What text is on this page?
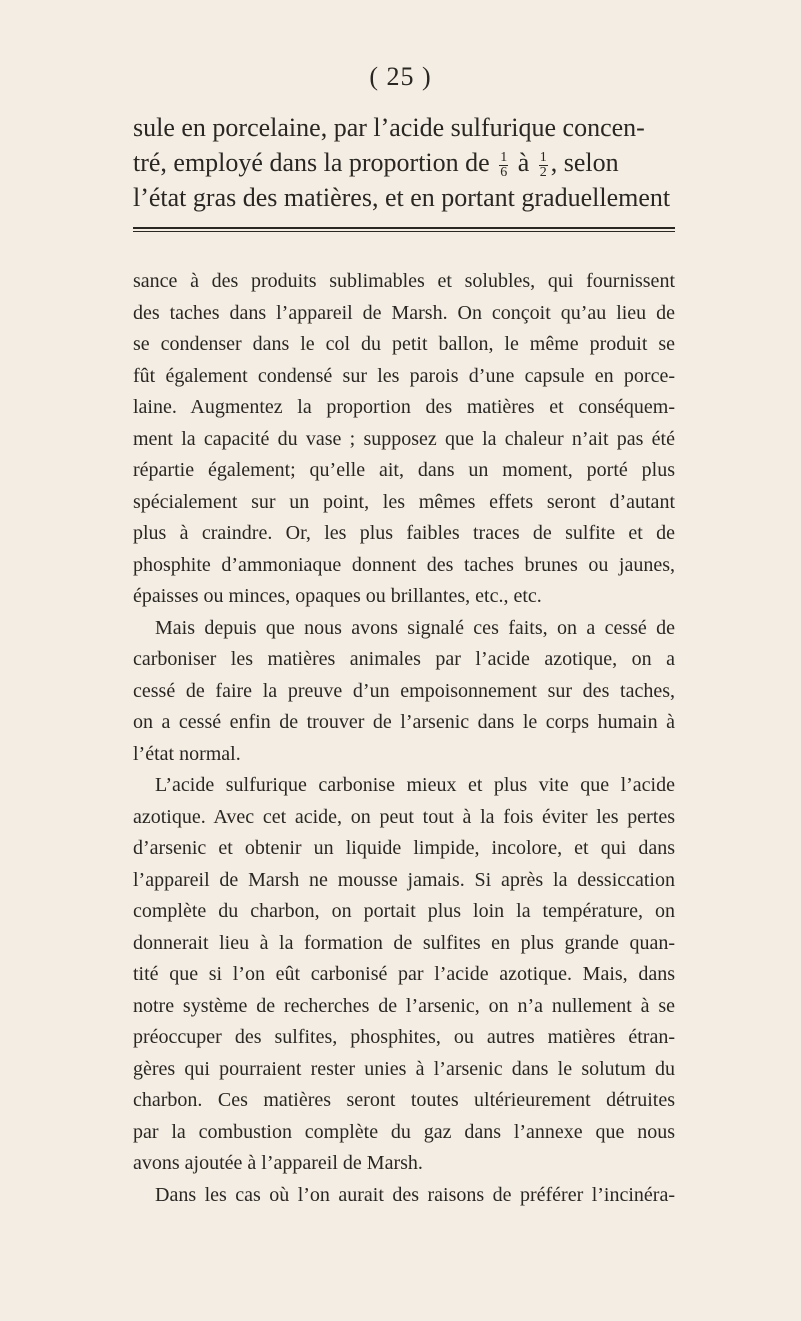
( 25 )
sule en porcelaine, par l’acide sulfurique concen-
tré, employé dans la proportion de $\frac{1}{6}$ à $\frac{1}{2}$ , selon
l’état gras des matières, et en portant graduellement

sance à des produits sublimables et solubles, qui fournissent

des taches dans l’appareil de Marsh. On conçoit qu’au lieu de

se condenser dans le col du petit ballon, le même produit se

fût également condensé sur les parois d’une capsule en porce-

laine. Augmentez la proportion des matières et conséquem-

ment la capacité du vase ; supposez que la chaleur n’ait pas été

répartie également; qu’elle ait, dans un moment, porté plus

spécialement sur un point, les mêmes effets seront d’autant

plus à craindre. Or, les plus faibles traces de sulfite et de

phosphite d’ammoniaque donnent des taches brunes ou jaunes,

épaisses ou minces, opaques ou brillantes, etc., etc.

Mais depuis que nous avons signalé ces faits, on a cessé de

carboniser les matières animales par l’acide azotique, on a

cessé de faire la preuve d’un empoisonnement sur des taches,

on a cessé enfin de trouver de l’arsenic dans le corps humain à

l’état normal.

L’acide sulfurique carbonise mieux et plus vite que l’acide

azotique. Avec cet acide, on peut tout à la fois éviter les pertes

d’arsenic et obtenir un liquide limpide, incolore, et qui dans

l’appareil de Marsh ne mousse jamais. Si après la dessiccation

complète du charbon, on portait plus loin la température, on

donnerait lieu à la formation de sulfites en plus grande quan-

tité que si l’on eût carbonisé par l’acide azotique. Mais, dans

notre système de recherches de l’arsenic, on n’a nullement à se

préoccuper des sulfites, phosphites, ou autres matières étran-

gères qui pourraient rester unies à l’arsenic dans le solutum du

charbon. Ces matières seront toutes ultérieurement détruites

par la combustion complète du gaz dans l’annexe que nous

avons ajoutée à l’appareil de Marsh.

Dans les cas où l’on aurait des raisons de préférer l’incinéra-
